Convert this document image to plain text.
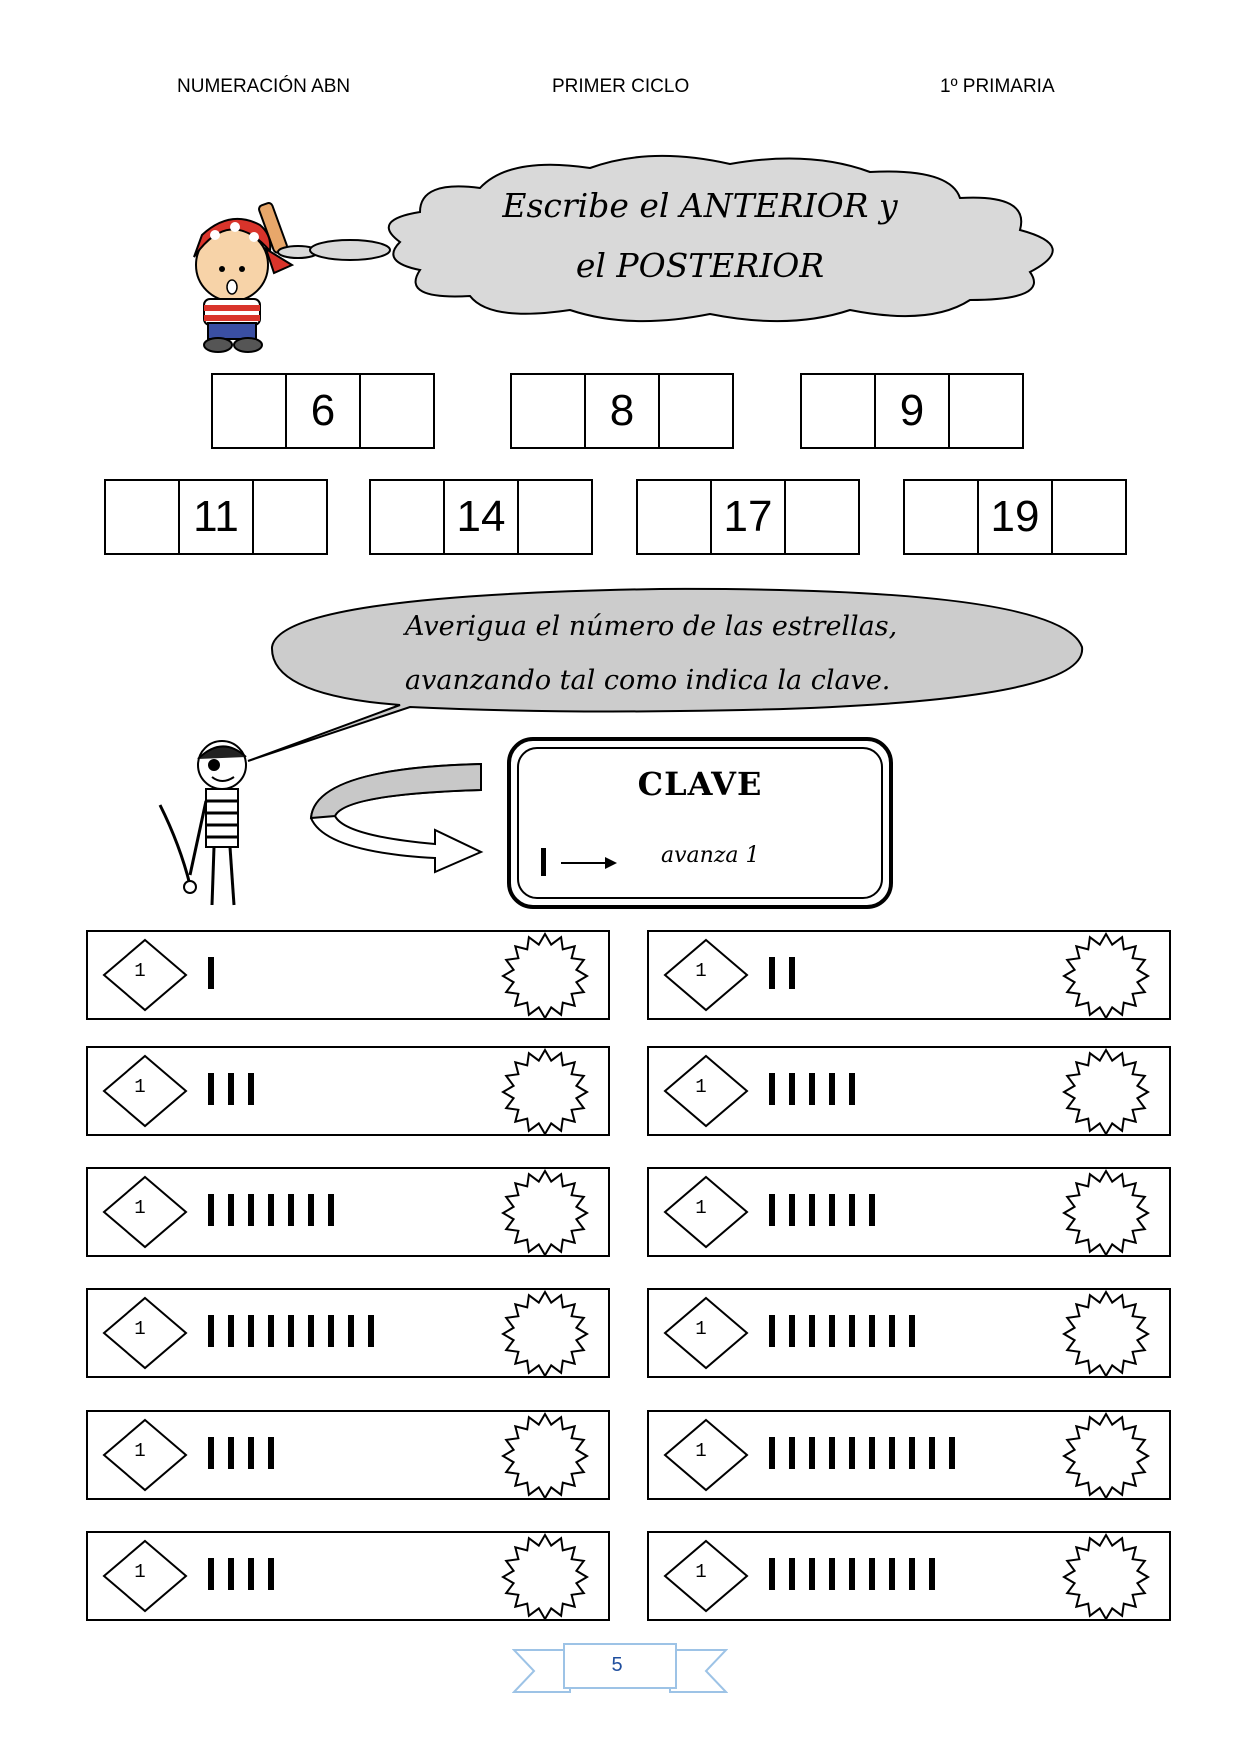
NUMERACIÓN ABN	PRIMER CICLO	1º PRIMARIA
Escribe el ANTERIOR y
el POSTERIOR
6	8	9
11	14	17	19
Averigua el número de las estrellas,
avanzando tal como indica la clave.
CLAVE
avanza 1
1	1
1	1
1	1
1	1
1	1
1	1
5
